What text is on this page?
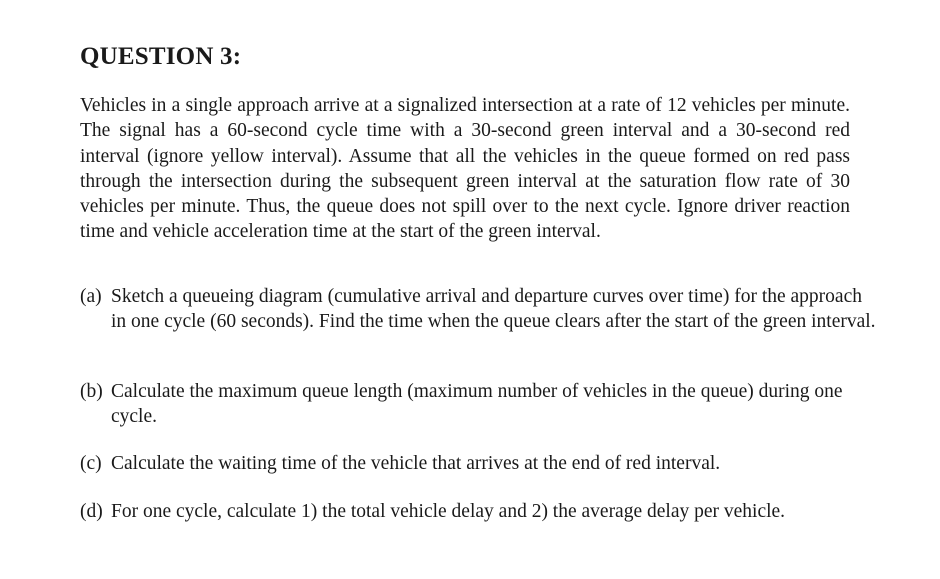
QUESTION 3:

Vehicles in a single approach arrive at a signalized intersection at a rate of 12 vehicles per minute. The signal has a 60-second cycle time with a 30-second green interval and a 30-second red interval (ignore yellow interval). Assume that all the vehicles in the queue formed on red pass through the intersection during the subsequent green interval at the saturation flow rate of 30 vehicles per minute. Thus, the queue does not spill over to the next cycle. Ignore driver reaction time and vehicle acceleration time at the start of the green interval.

(a) Sketch a queueing diagram (cumulative arrival and departure curves over time) for the approach in one cycle (60 seconds). Find the time when the queue clears after the start of the green interval.

(b) Calculate the maximum queue length (maximum number of vehicles in the queue) during one cycle.

(c) Calculate the waiting time of the vehicle that arrives at the end of red interval.

(d) For one cycle, calculate 1) the total vehicle delay and 2) the average delay per vehicle.
